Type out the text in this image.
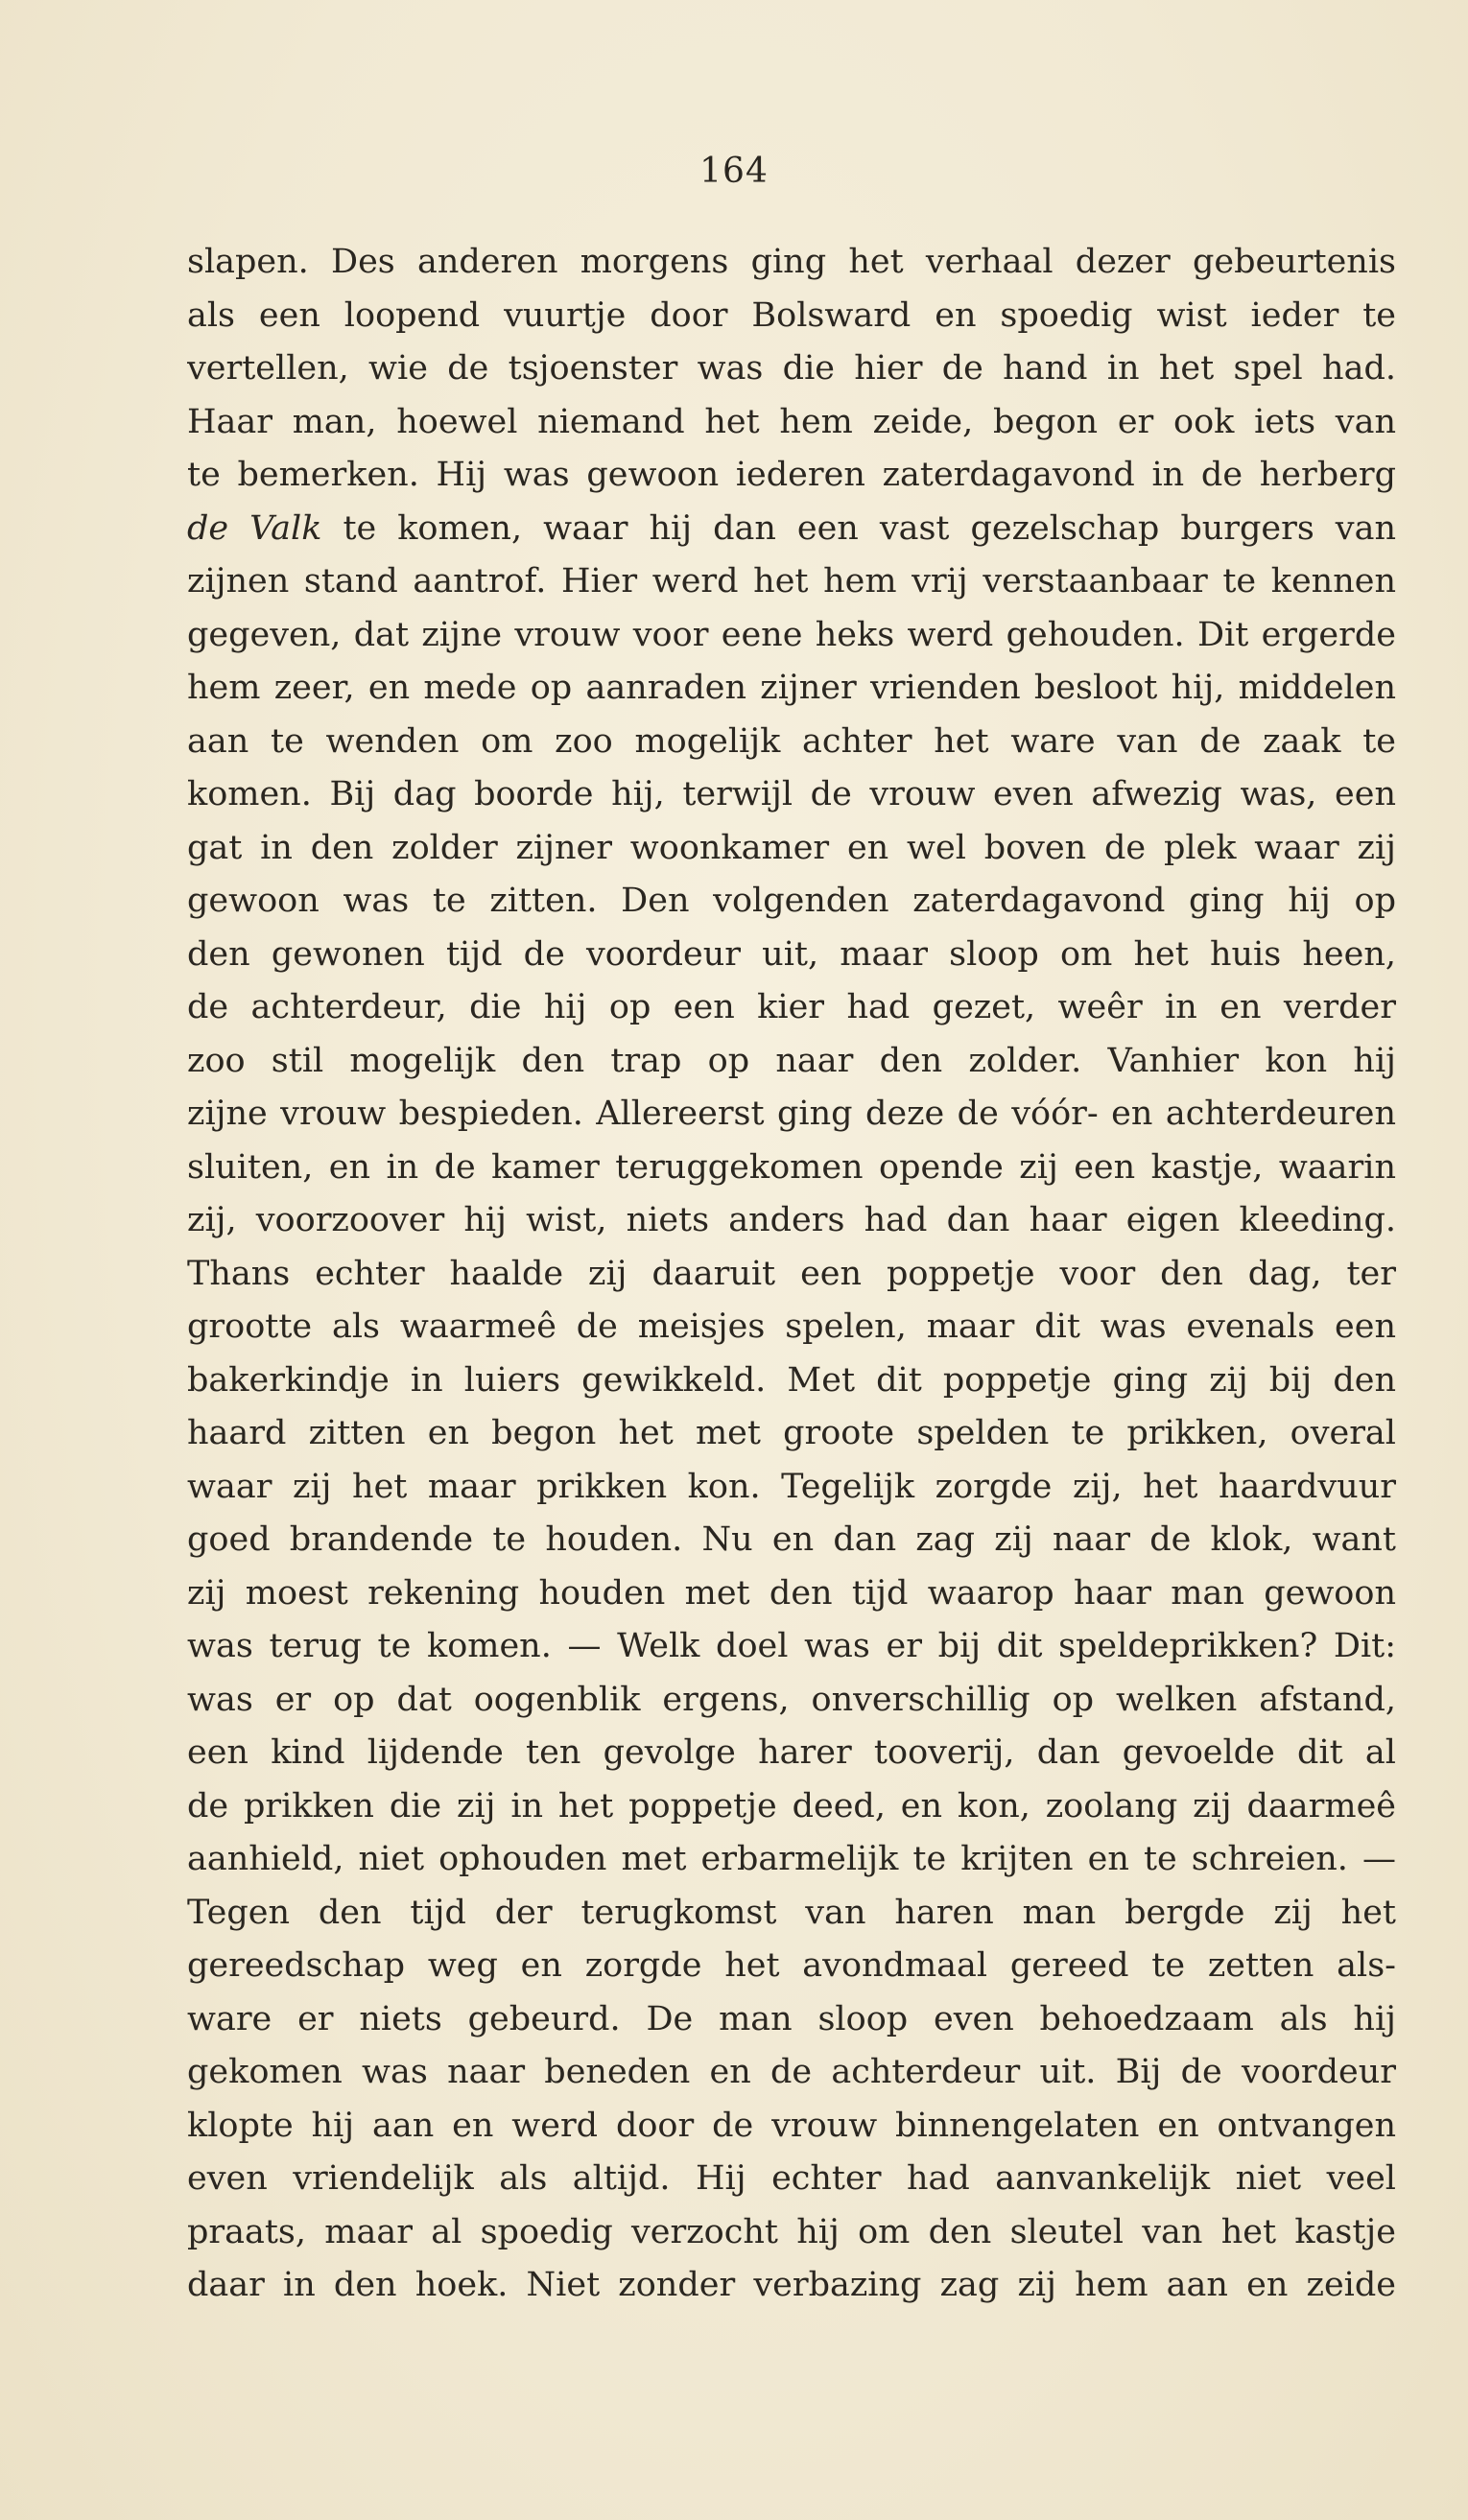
164
slapen. Des anderen morgens ging het verhaal dezer gebeurtenis
als een loopend vuurtje door Bolsward en spoedig wist ieder te
vertellen, wie de tsjoenster was die hier de hand in het spel had.
Haar man, hoewel niemand het hem zeide, begon er ook iets van
te bemerken. Hij was gewoon iederen zaterdagavond in de herberg
de Valk te komen, waar hij dan een vast gezelschap burgers van
zijnen stand aantrof. Hier werd het hem vrij verstaanbaar te kennen
gegeven, dat zijne vrouw voor eene heks werd gehouden. Dit ergerde
hem zeer, en mede op aanraden zijner vrienden besloot hij, middelen
aan te wenden om zoo mogelijk achter het ware van de zaak te
komen. Bij dag boorde hij, terwijl de vrouw even afwezig was, een
gat in den zolder zijner woonkamer en wel boven de plek waar zij
gewoon was te zitten. Den volgenden zaterdagavond ging hij op
den gewonen tijd de voordeur uit, maar sloop om het huis heen,
de achterdeur, die hij op een kier had gezet, weêr in en verder
zoo stil mogelijk den trap op naar den zolder. Vanhier kon hij
zijne vrouw bespieden. Allereerst ging deze de vóór- en achterdeuren
sluiten, en in de kamer teruggekomen opende zij een kastje, waarin
zij, voorzoover hij wist, niets anders had dan haar eigen kleeding.
Thans echter haalde zij daaruit een poppetje voor den dag, ter
grootte als waarmeê de meisjes spelen, maar dit was evenals een
bakerkindje in luiers gewikkeld. Met dit poppetje ging zij bij den
haard zitten en begon het met groote spelden te prikken, overal
waar zij het maar prikken kon. Tegelijk zorgde zij, het haardvuur
goed brandende te houden. Nu en dan zag zij naar de klok, want
zij moest rekening houden met den tijd waarop haar man gewoon
was terug te komen. — Welk doel was er bij dit speldeprikken? Dit:
was er op dat oogenblik ergens, onverschillig op welken afstand,
een kind lijdende ten gevolge harer tooverij, dan gevoelde dit al
de prikken die zij in het poppetje deed, en kon, zoolang zij daarmeê
aanhield, niet ophouden met erbarmelijk te krijten en te schreien. —
Tegen den tijd der terugkomst van haren man bergde zij het
gereedschap weg en zorgde het avondmaal gereed te zetten als-
ware er niets gebeurd. De man sloop even behoedzaam als hij
gekomen was naar beneden en de achterdeur uit. Bij de voordeur
klopte hij aan en werd door de vrouw binnengelaten en ontvangen
even vriendelijk als altijd. Hij echter had aanvankelijk niet veel
praats, maar al spoedig verzocht hij om den sleutel van het kastje
daar in den hoek. Niet zonder verbazing zag zij hem aan en zeide
